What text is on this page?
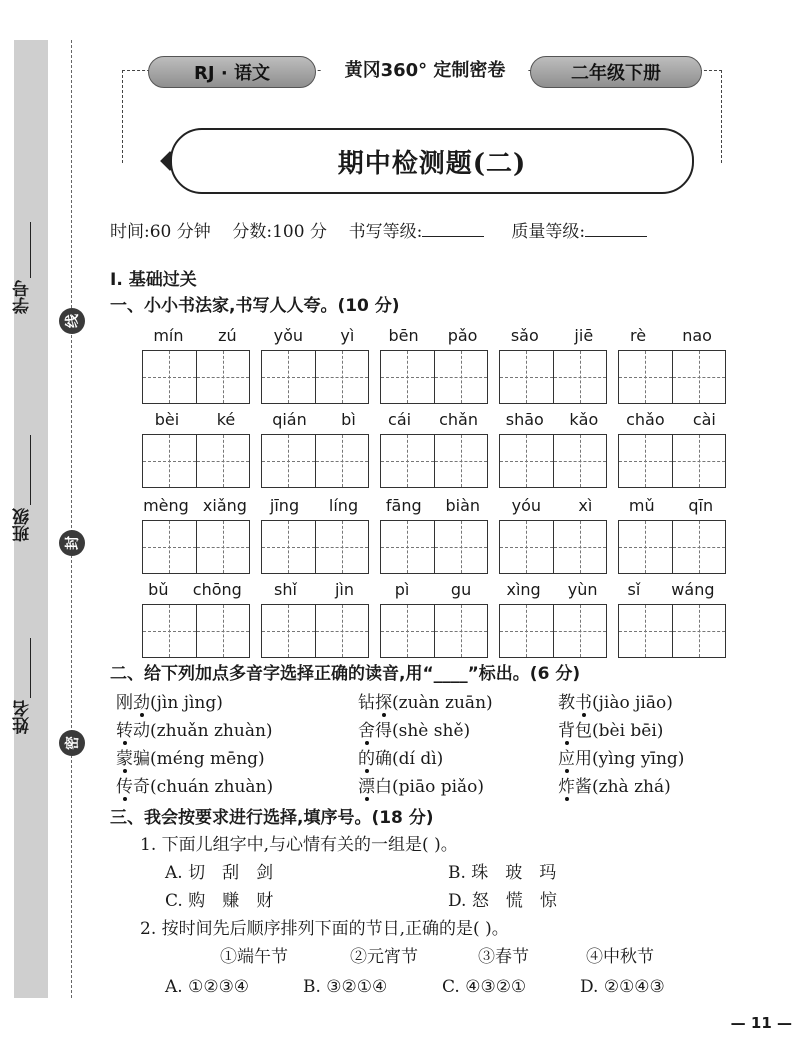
学号
班级
姓名
线
封
密
RJ · 语文	黄冈360° 定制密卷	二年级下册
期中检测题(二)
时间:60 分钟 分数:100 分 书写等级:	质量等级:
Ⅰ. 基础过关
一、小小书法家,书写人人夸。(10 分)
mín zú yǒu yì bēn pǎo sǎo jiē rè nao
bèi ké qián bì cái chǎn shāo kǎo chǎo cài
mèng xiǎng jīng líng fāng biàn yóu xì mǔ qīn
bǔ chōng shǐ jìn	pì	gu xìng yùn sǐ wáng
二、给下列加点多音字选择正确的读音,用“____”标出。(6 分)
刚劲(jìn jìng)	钻探(zuàn zuān)	教书(jiào jiāo)
转动(zhuǎn zhuàn)	舍得(shè shě)	背包(bèi bēi)
蒙骗(méng mēng)	的确(dí dì)	应用(yìng yīng)
传奇(chuán zhuàn)	漂白(piāo piǎo)	炸酱(zhà zhá)
三、我会按要求进行选择,填序号。(18 分)
1. 下面儿组字中,与心情有关的一组是( )。
A. 切　刮　剑	B. 珠　玻　玛
C. 购　赚　财	D. 怒　慌　惊
2. 按时间先后顺序排列下面的节日,正确的是( )。
①端午节	②元宵节	③春节	④中秋节
A. ①②③④	B. ③②①④	C. ④③②①	D. ②①④③
— 11 —
